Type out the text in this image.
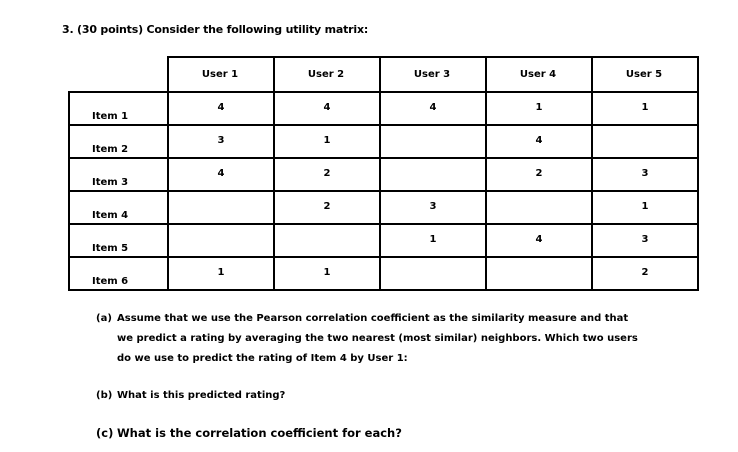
3. (30 points) Consider the following utility matrix:
	User 1	User 2	User 3	User 4	User 5
Item 1	4	4	4	1	1
Item 2	3	1		4	
Item 3	4	2		2	3
Item 4		2	3		1
Item 5			1	4	3
Item 6	1	1			2
(a) Assume that we use the Pearson correlation coefficient as the similarity measure and that
we predict a rating by averaging the two nearest (most similar) neighbors. Which two users
do we use to predict the rating of Item 4 by User 1:
(b) What is this predicted rating?
(c) What is the correlation coefficient for each?
